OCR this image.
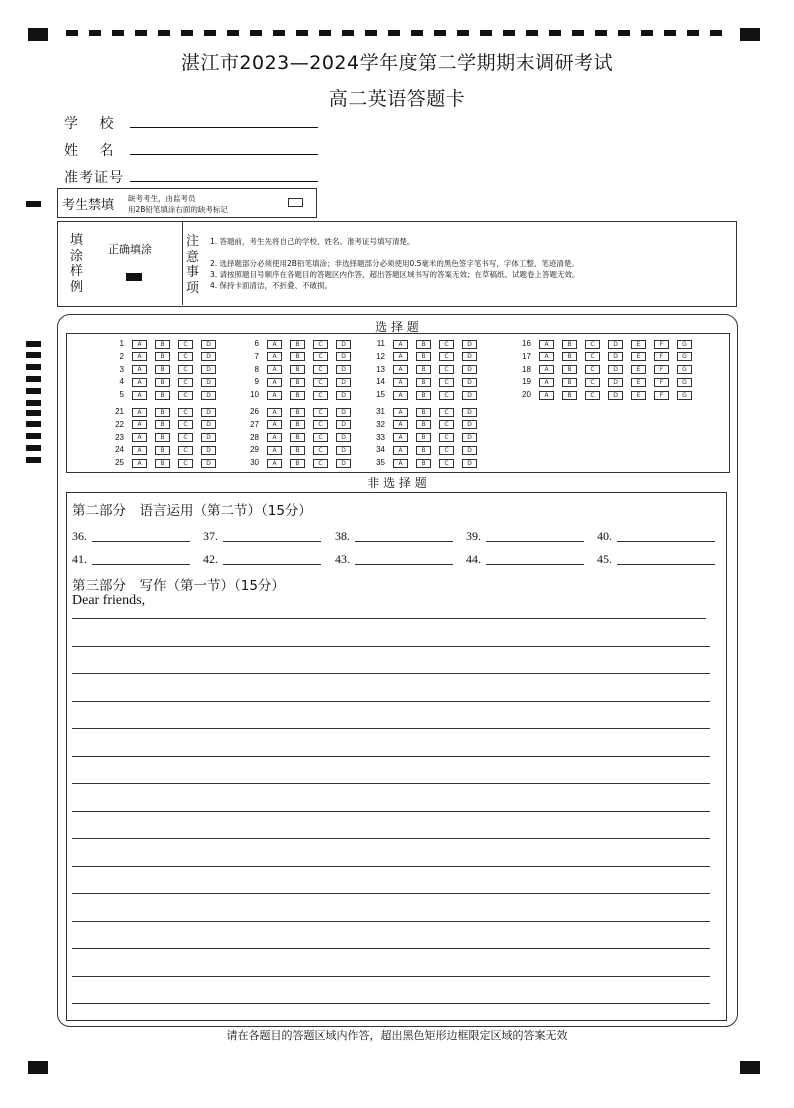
湛江市2023—2024学年度第二学期期末调研考试
高二英语答题卡
学　 校
姓　 名
准考证号
考生禁填 缺考考生，由监考员
用2B铅笔填涂右面的缺考标记
填
涂
样
例
正确填涂
注
意
事
项
1. 答题前，考生先将自己的学校、姓名、准考证号填写清楚。
2. 选择题部分必须使用2B铅笔填涂；非选择题部分必须使用0.5毫米的黑色签字笔书写，字体工整、笔迹清楚。
3. 请按照题目号顺序在各题目的答题区内作答，超出答题区域书写的答案无效；在草稿纸、试题卷上答题无效。
4. 保持卡面清洁，不折叠、不破损。
选 择 题
1	A	B	C	D
2	A	B	C	D
3	A	B	C	D
4	A	B	C	D
5	A	B	C	D
6	A	B	C	D
7	A	B	C	D
8	A	B	C	D
9	A	B	C	D
10	A	B	C	D
11	A	B	C	D
12	A	B	C	D
13	A	B	C	D
14	A	B	C	D
15	A	B	C	D
16	A	B	C	D	E	F	G
17	A	B	C	D	E	F	G
18	A	B	C	D	E	F	G
19	A	B	C	D	E	F	G
20	A	B	C	D	E	F	G
21	A	B	C	D
22	A	B	C	D
23	A	B	C	D
24	A	B	C	D
25	A	B	C	D
26	A	B	C	D
27	A	B	C	D
28	A	B	C	D
29	A	B	C	D
30	A	B	C	D
31	A	B	C	D
32	A	B	C	D
33	A	B	C	D
34	A	B	C	D
35	A	B	C	D
非 选 择 题
第二部分　语言运用（第二节）（15分）
36.	37.	38.	39.	40.
41.	42.	43.	44.	45.
第三部分　写作（第一节）（15分）
Dear friends,
请在各题目的答题区域内作答，超出黑色矩形边框限定区域的答案无效
